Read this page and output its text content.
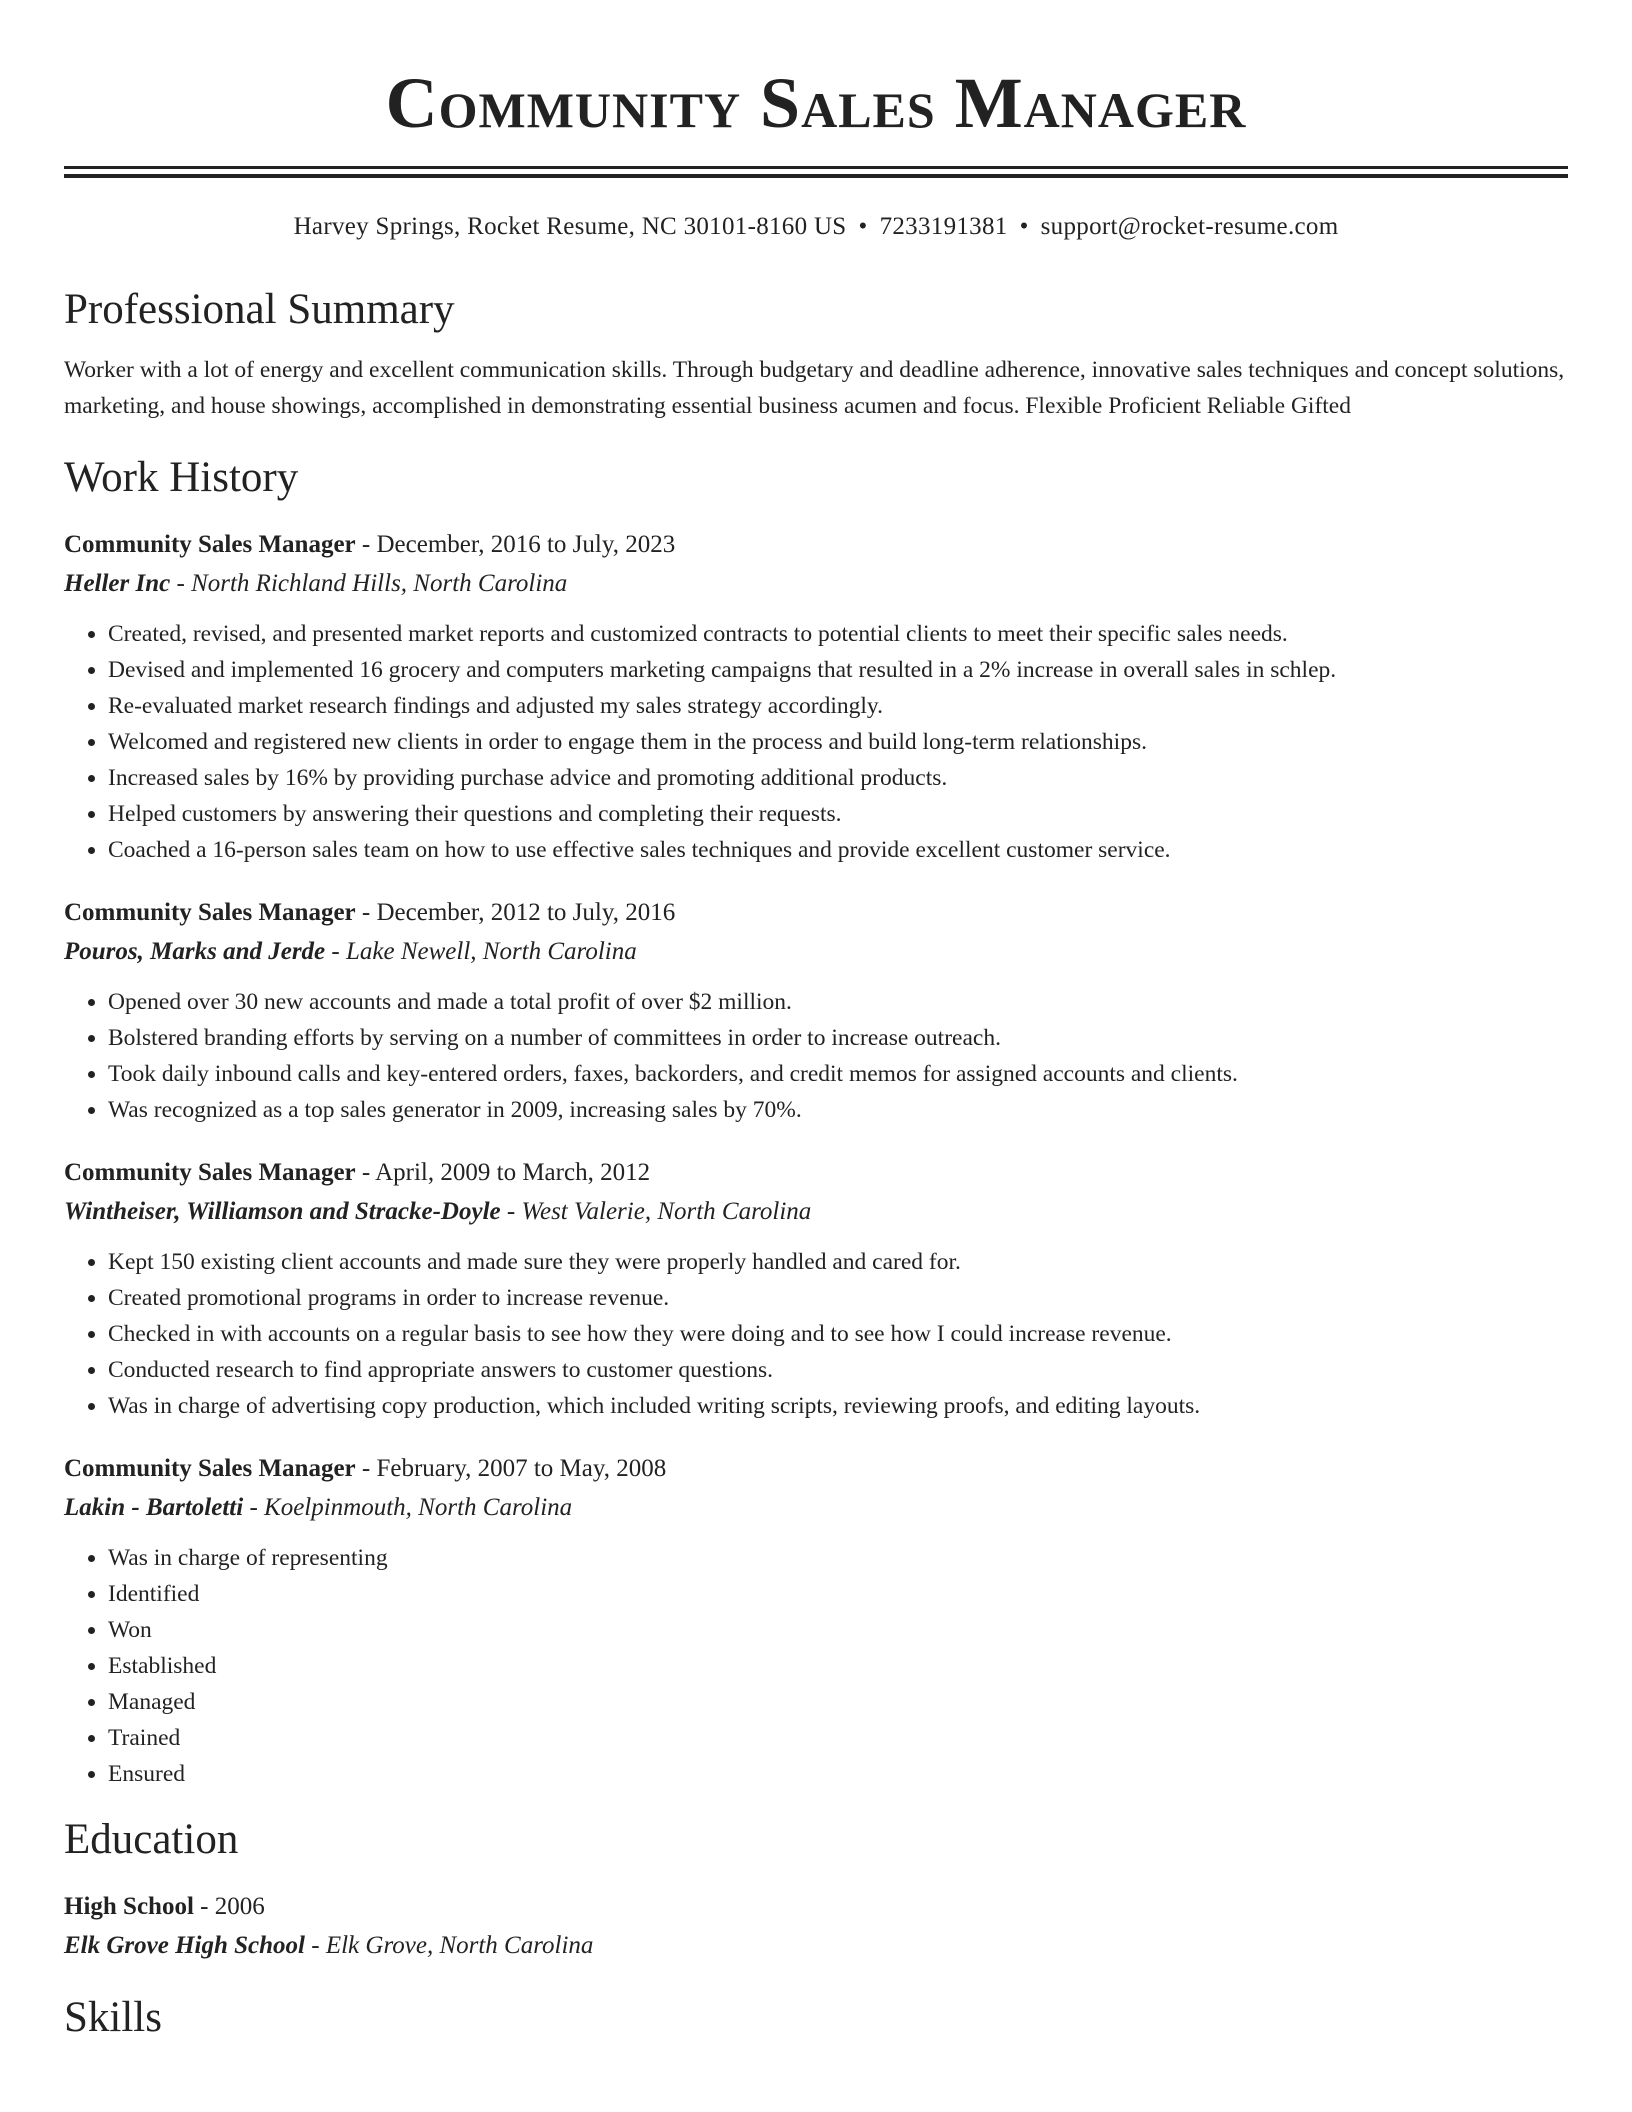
Community Sales Manager
Harvey Springs, Rocket Resume, NC 30101-8160 US • 7233191381 • support@rocket-resume.com
Professional Summary

Worker with a lot of energy and excellent communication skills. Through budgetary and deadline adherence, innovative sales techniques and concept solutions, marketing, and house showings, accomplished in demonstrating essential business acumen and focus. Flexible Proficient Reliable Gifted

Work History
Community Sales Manager - December, 2016 to July, 2023
Heller Inc - North Richland Hills, North Carolina
• Created, revised, and presented market reports and customized contracts to potential clients to meet their specific sales needs.
• Devised and implemented 16 grocery and computers marketing campaigns that resulted in a 2% increase in overall sales in schlep.
• Re-evaluated market research findings and adjusted my sales strategy accordingly.
• Welcomed and registered new clients in order to engage them in the process and build long-term relationships.
• Increased sales by 16% by providing purchase advice and promoting additional products.
• Helped customers by answering their questions and completing their requests.
• Coached a 16-person sales team on how to use effective sales techniques and provide excellent customer service.
Community Sales Manager - December, 2012 to July, 2016
Pouros, Marks and Jerde - Lake Newell, North Carolina
• Opened over 30 new accounts and made a total profit of over $2 million.
• Bolstered branding efforts by serving on a number of committees in order to increase outreach.
• Took daily inbound calls and key-entered orders, faxes, backorders, and credit memos for assigned accounts and clients.
• Was recognized as a top sales generator in 2009, increasing sales by 70%.
Community Sales Manager - April, 2009 to March, 2012
Wintheiser, Williamson and Stracke-Doyle - West Valerie, North Carolina
• Kept 150 existing client accounts and made sure they were properly handled and cared for.
• Created promotional programs in order to increase revenue.
• Checked in with accounts on a regular basis to see how they were doing and to see how I could increase revenue.
• Conducted research to find appropriate answers to customer questions.
• Was in charge of advertising copy production, which included writing scripts, reviewing proofs, and editing layouts.
Community Sales Manager - February, 2007 to May, 2008
Lakin - Bartoletti - Koelpinmouth, North Carolina
• Was in charge of representing
• Identified
• Won
• Established
• Managed
• Trained
• Ensured
Education
High School - 2006
Elk Grove High School - Elk Grove, North Carolina
Skills
